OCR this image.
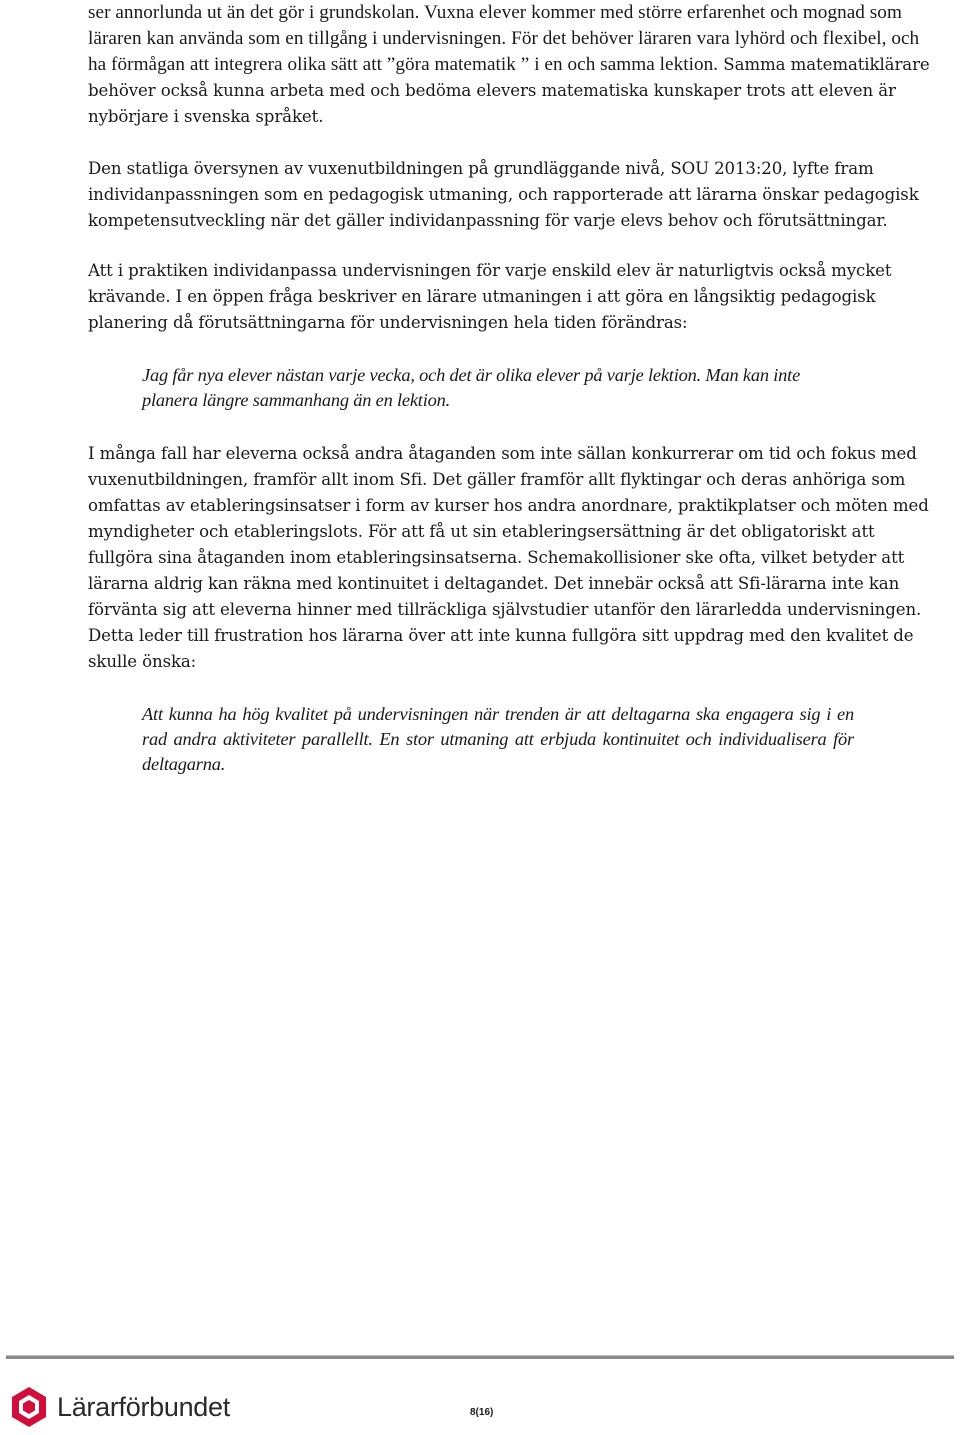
ser annorlunda ut än det gör i grundskolan. Vuxna elever kommer med större erfarenhet och mognad som läraren kan använda som en tillgång i undervisningen. För det behöver läraren vara lyhörd och flexibel, och ha förmågan att integrera olika sätt att ”göra matematik ” i en och samma lektion. Samma matematiklärare behöver också kunna arbeta med och bedöma elevers matematiska kunskaper trots att eleven är nybörjare i svenska språket.

Den statliga översynen av vuxenutbildningen på grundläggande nivå, SOU 2013:20, lyfte fram individanpassningen som en pedagogisk utmaning, och rapporterade att lärarna önskar pedagogisk kompetensutveckling när det gäller individanpassning för varje elevs behov och förutsättningar.

Att i praktiken individanpassa undervisningen för varje enskild elev är naturligtvis också mycket krävande. I en öppen fråga beskriver en lärare utmaningen i att göra en långsiktig pedagogisk planering då förutsättningarna för undervisningen hela tiden förändras:

Jag får nya elever nästan varje vecka, och det är olika elever på varje lektion. Man kan inte planera längre sammanhang än en lektion.

I många fall har eleverna också andra åtaganden som inte sällan konkurrerar om tid och fokus med vuxenutbildningen, framför allt inom Sfi. Det gäller framför allt flyktingar och deras anhöriga som omfattas av etableringsinsatser i form av kurser hos andra anordnare, praktikplatser och möten med myndigheter och etableringslots. För att få ut sin etableringsersättning är det obligatoriskt att fullgöra sina åtaganden inom etableringsinsatserna. Schemakollisioner ske ofta, vilket betyder att lärarna aldrig kan räkna med kontinuitet i deltagandet. Det innebär också att Sfi-lärarna inte kan förvänta sig att eleverna hinner med tillräckliga självstudier utanför den lärarledda undervisningen. Detta leder till frustration hos lärarna över att inte kunna fullgöra sitt uppdrag med den kvalitet de skulle önska:

Att kunna ha hög kvalitet på undervisningen när trenden är att deltagarna ska engagera sig i en rad andra aktiviteter parallellt. En stor utmaning att erbjuda kontinuitet och individualisera för deltagarna.

Lärarförbundet	8(16)
